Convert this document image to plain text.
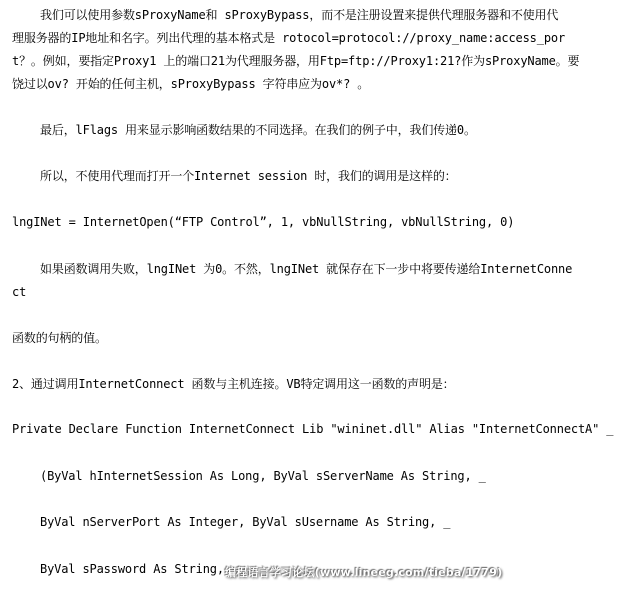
我们可以使用参数sProxyName和 sProxyBypass，而不是注册设置来提供代理服务器和不使用代
理服务器的IP地址和名字。列出代理的基本格式是 rotocol=protocol://proxy_name:access_por
t？。例如，要指定Proxy1 上的端口21为代理服务器，用Ftp=ftp://Proxy1:21?作为sProxyName。要
饶过以ov? 开始的任何主机，sProxyBypass 字符串应为ov*? 。
最后，lFlags 用来显示影响函数结果的不同选择。在我们的例子中，我们传递0。
所以，不使用代理而打开一个Internet session 时，我们的调用是这样的：
lngINet = InternetOpen(“FTP Control”, 1, vbNullString, vbNullString, 0)
如果函数调用失败，lngINet 为0。不然，lngINet 就保存在下一步中将要传递给InternetConne
ct
函数的句柄的值。
2、通过调用InternetConnect 函数与主机连接。VB特定调用这一函数的声明是：
Private Declare Function InternetConnect Lib "wininet.dll" Alias "InternetConnectA" _
(ByVal hInternetSession As Long, ByVal sServerName As String, _
ByVal nServerPort As Integer, ByVal sUsername As String, _
ByVal sPassword As String, 编程语言学习论坛(www.lineeg.com/tieba/1779)
